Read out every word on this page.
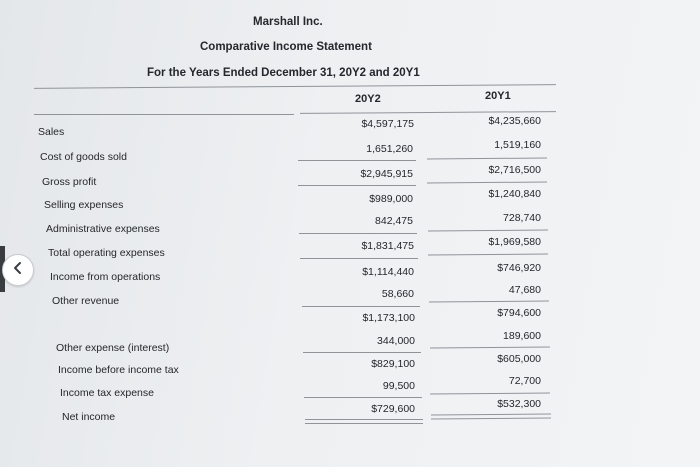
Marshall Inc.
Comparative Income Statement
For the Years Ended December 31, 20Y2 and 20Y1
20Y2	20Y1
Sales
Cost of goods sold
Gross profit
Selling expenses
Administrative expenses
Total operating expenses
Income from operations
Other revenue
Other expense (interest)
Income before income tax
Income tax expense
Net income
$4,597,175
1,651,260
$2,945,915
$989,000
842,475
$1,831,475
$1,114,440
58,660
$1,173,100
344,000
$829,100
99,500
$729,600
$4,235,660
1,519,160
$2,716,500
$1,240,840
728,740
$1,969,580
$746,920
47,680
$794,600
189,600
$605,000
72,700
$532,300
